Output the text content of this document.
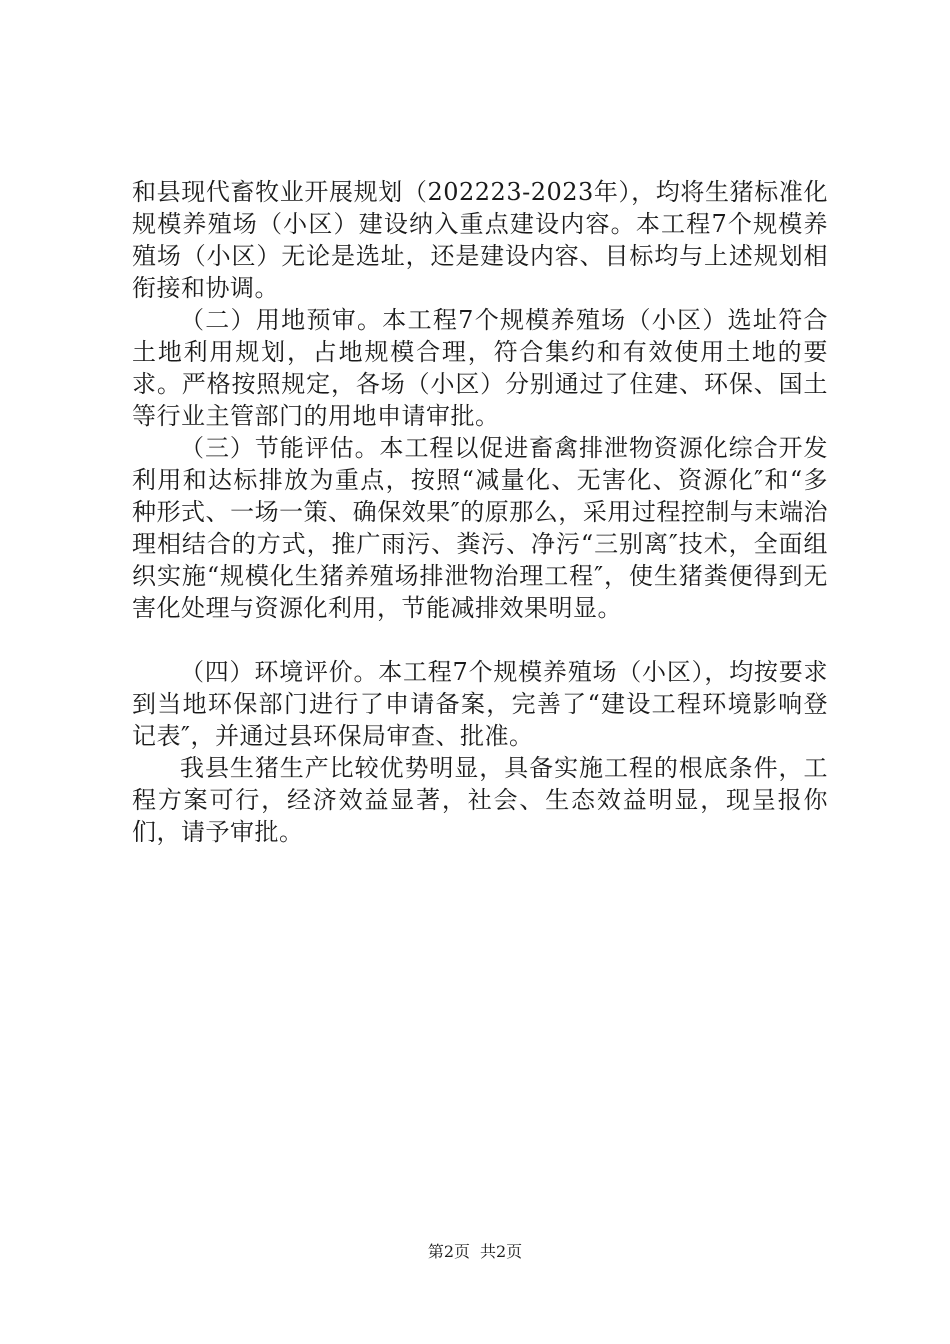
和县现代畜牧业开展规划（202223-2023年），均将生猪标准化规模养殖场（小区）建设纳入重点建设内容。本工程7个规模养殖场（小区）无论是选址，还是建设内容、目标均与上述规划相衔接和协调。

（二）用地预审。本工程7个规模养殖场（小区）选址符合土地利用规划，占地规模合理，符合集约和有效使用土地的要求。严格按照规定，各场（小区）分别通过了住建、环保、国土等行业主管部门的用地申请审批。

（三）节能评估。本工程以促进畜禽排泄物资源化综合开发利用和达标排放为重点，按照“减量化、无害化、资源化″和“多种形式、一场一策、确保效果″的原那么，采用过程控制与末端治理相结合的方式，推广雨污、粪污、净污“三别离″技术，全面组织实施“规模化生猪养殖场排泄物治理工程″，使生猪粪便得到无害化处理与资源化利用，节能减排效果明显。

（四）环境评价。本工程7个规模养殖场（小区），均按要求到当地环保部门进行了申请备案，完善了“建设工程环境影响登记表″，并通过县环保局审查、批准。

我县生猪生产比较优势明显，具备实施工程的根底条件，工程方案可行，经济效益显著，社会、生态效益明显，现呈报你们，请予审批。

第2页 共2页
